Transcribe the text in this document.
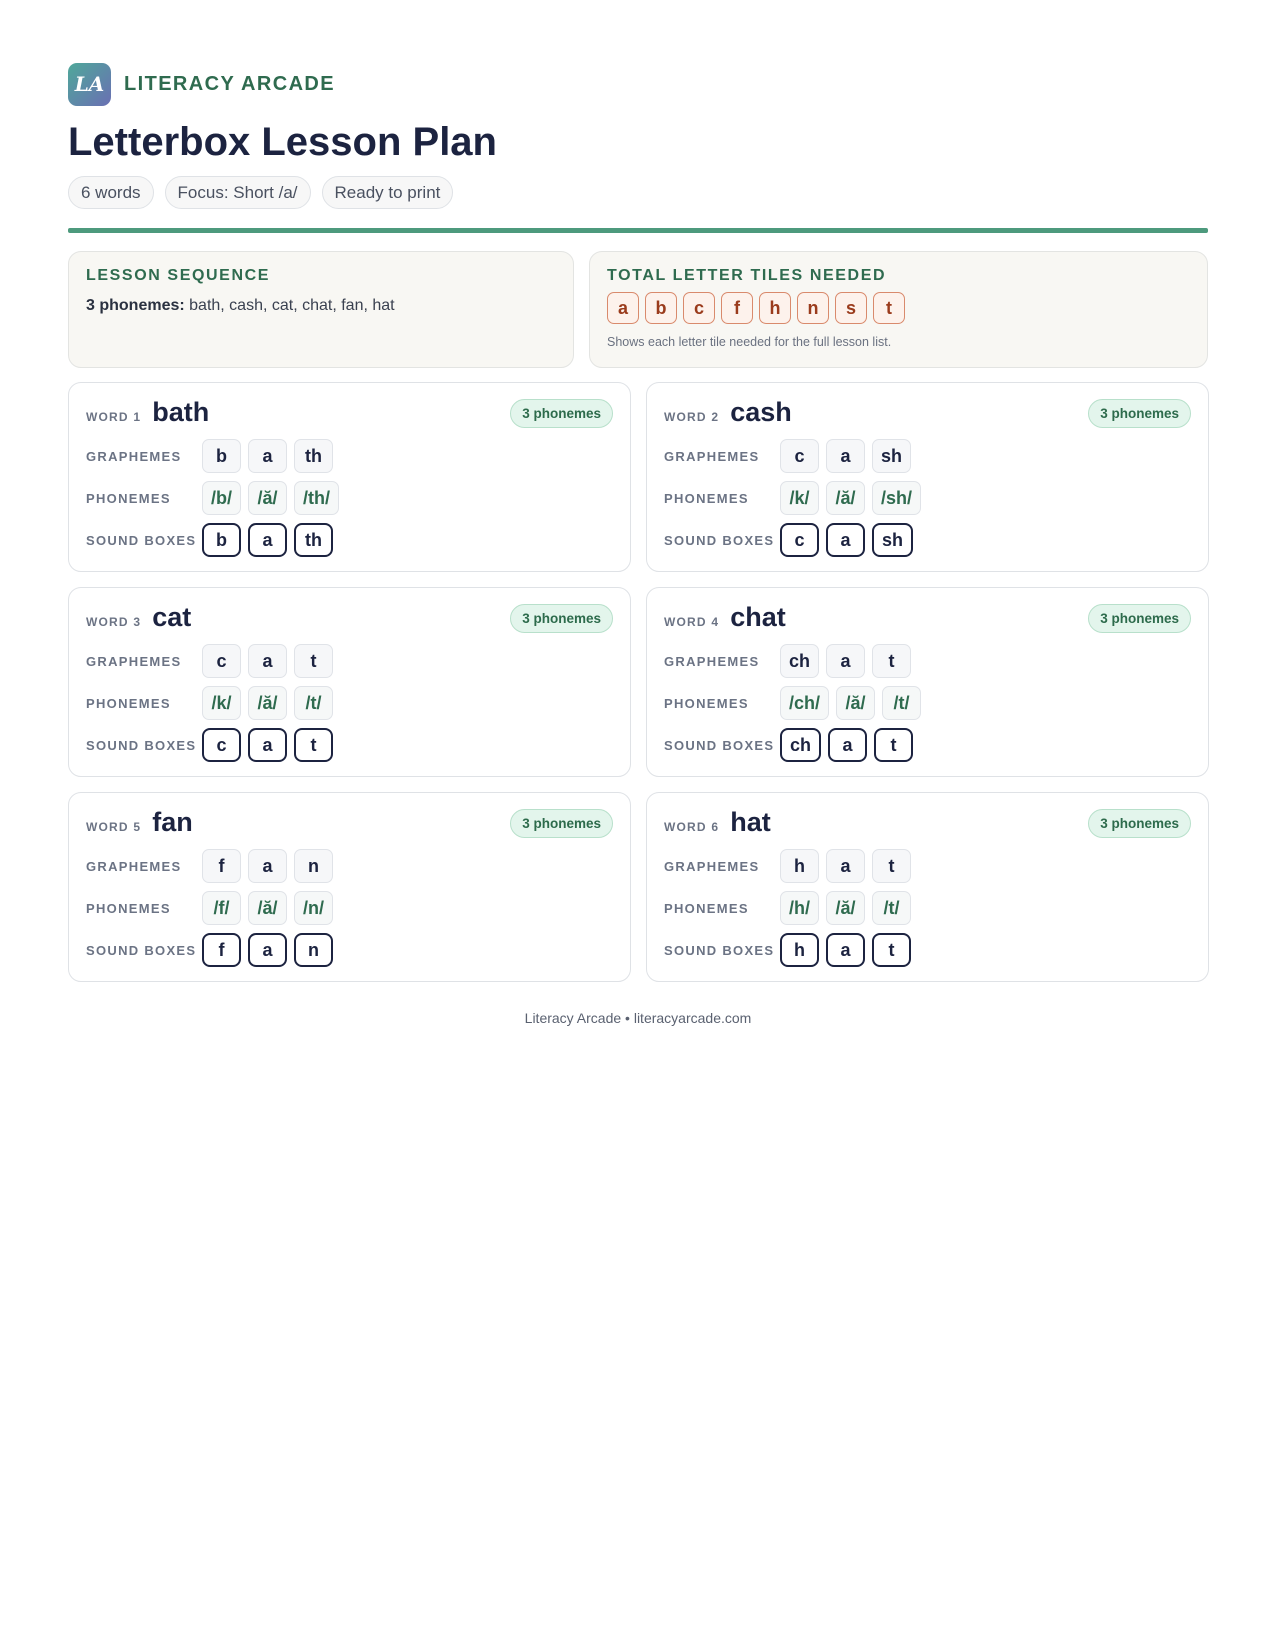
LA LITERACY ARCADE
Letterbox Lesson Plan
6 words	Focus: Short /a/	Ready to print
LESSON SEQUENCE
3 phonemes: bath, cash, cat, chat, fan, hat
TOTAL LETTER TILES NEEDED
a	b	c	f	h	n	s	t
Shows each letter tile needed for the full lesson list.
WORD 1 bath	3 phonemes
GRAPHEMES	b	a	th
PHONEMES	/b/	/ă/	/th/
SOUND BOXES	b	a	th
WORD 2 cash	3 phonemes
GRAPHEMES	c	a	sh
PHONEMES	/k/	/ă/	/sh/
SOUND BOXES	c	a	sh
WORD 3 cat	3 phonemes
GRAPHEMES	c	a	t
PHONEMES	/k/	/ă/	/t/
SOUND BOXES	c	a	t
WORD 4 chat	3 phonemes
GRAPHEMES	ch	a	t
PHONEMES	/ch/	/ă/	/t/
SOUND BOXES ch	a	t
WORD 5 fan	3 phonemes
GRAPHEMES	f	a	n
PHONEMES	/f/	/ă/	/n/
SOUND BOXES	f	a	n
WORD 6 hat	3 phonemes
GRAPHEMES	h	a	t
PHONEMES	/h/	/ă/	/t/
SOUND BOXES	h	a	t
Literacy Arcade • literacyarcade.com
